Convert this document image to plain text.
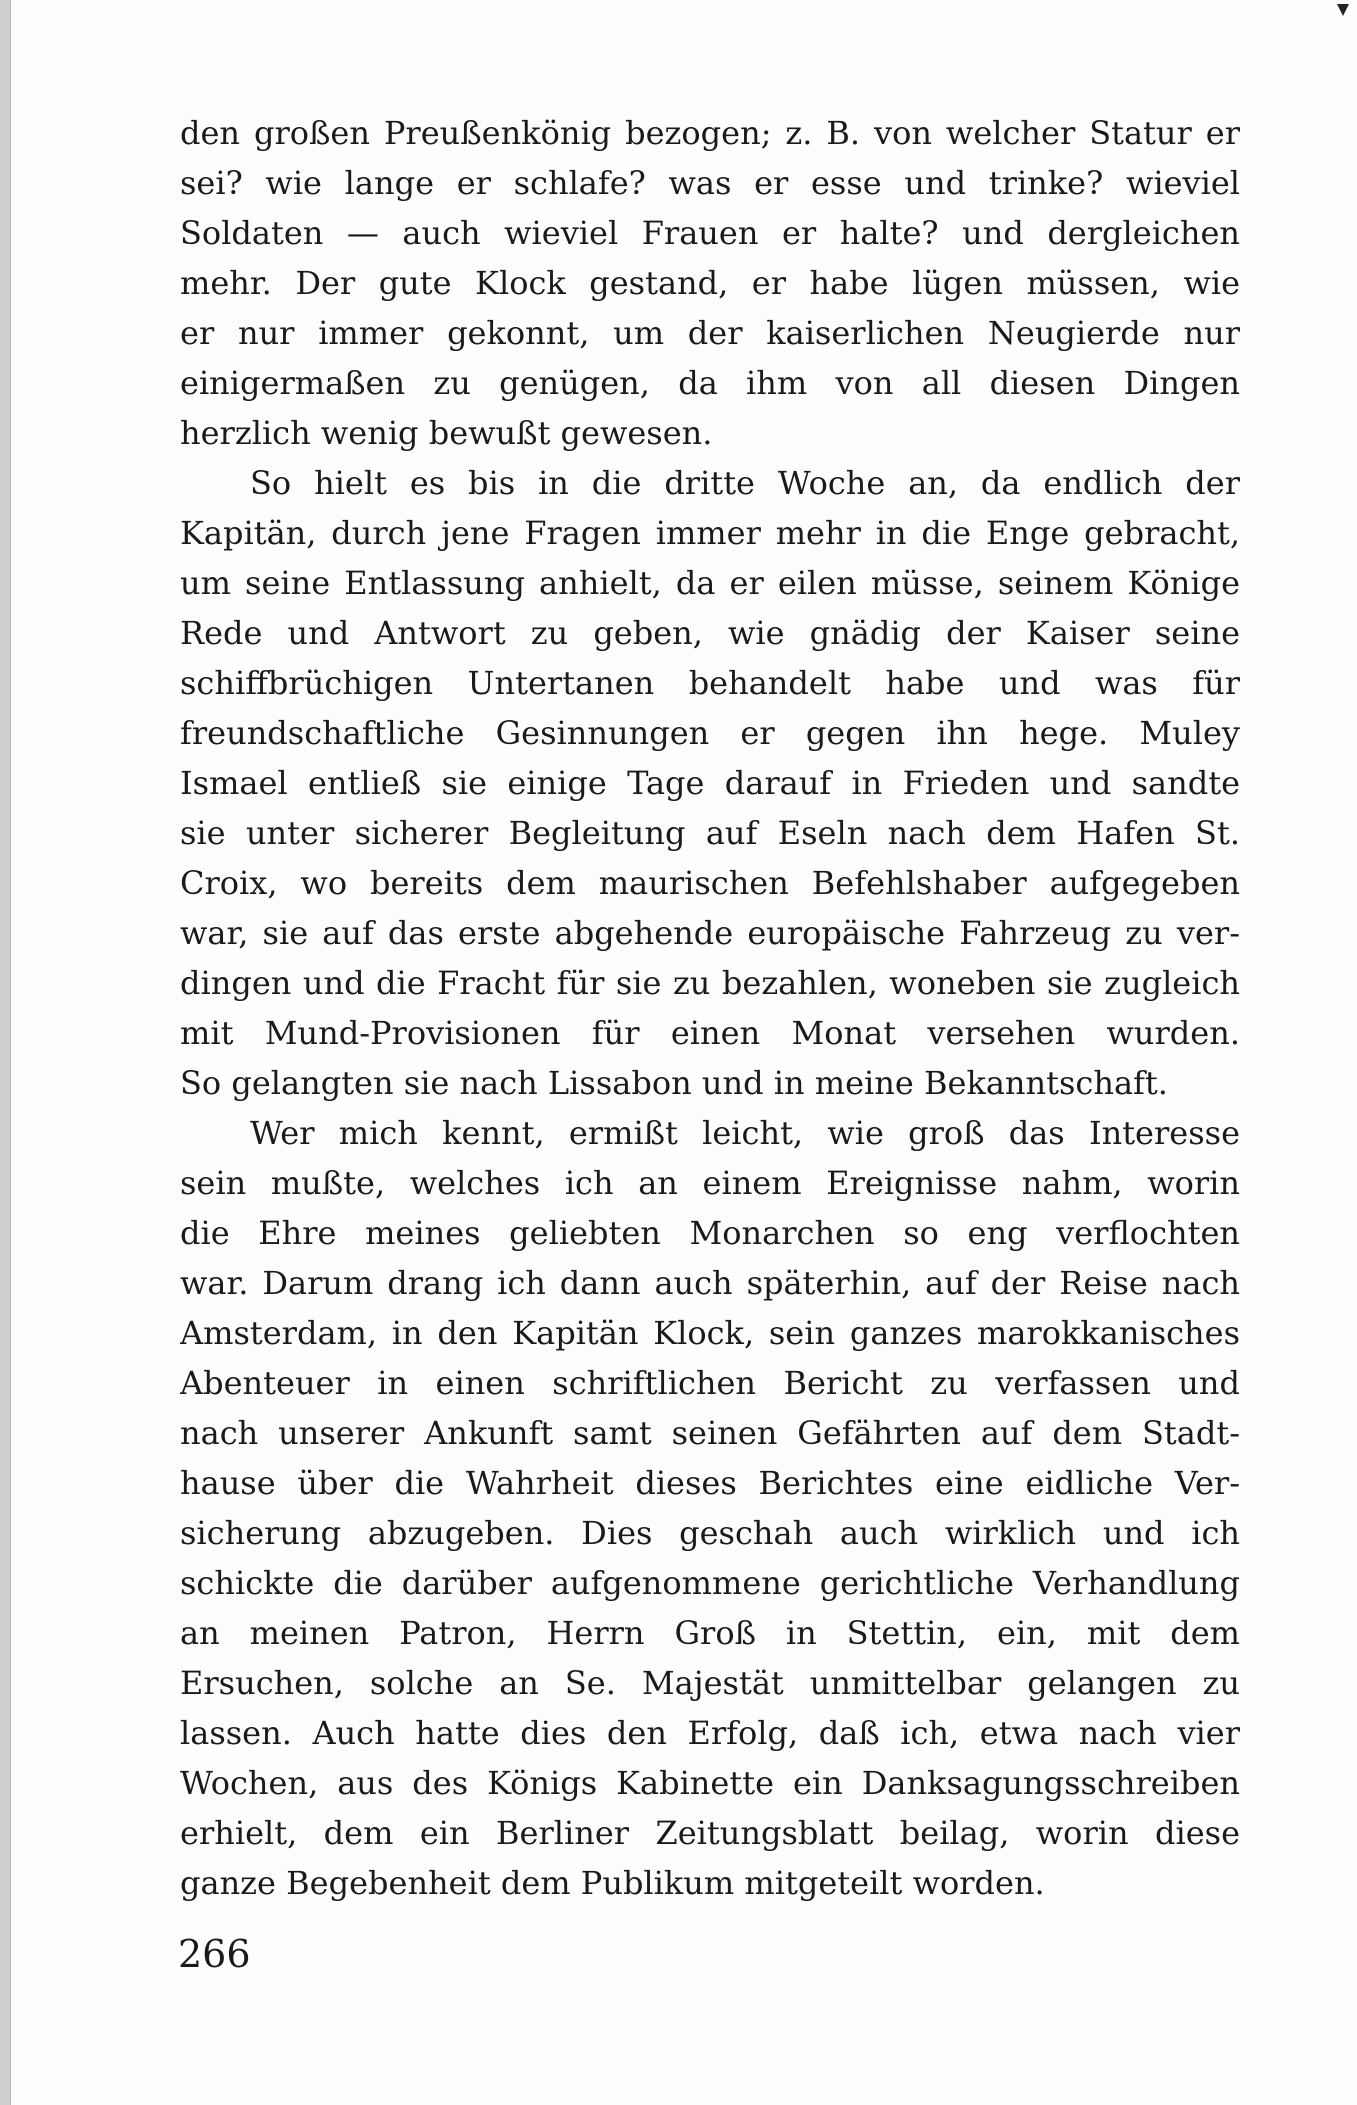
den großen Preußenkönig bezogen; z. B. von welcher Statur er
sei? wie lange er schlafe? was er esse und trinke? wieviel
Soldaten — auch wieviel Frauen er halte? und dergleichen
mehr. Der gute Klock gestand, er habe lügen müssen, wie
er nur immer gekonnt, um der kaiserlichen Neugierde nur
einigermaßen zu genügen, da ihm von all diesen Dingen
herzlich wenig bewußt gewesen.
So hielt es bis in die dritte Woche an, da endlich der
Kapitän, durch jene Fragen immer mehr in die Enge gebracht,
um seine Entlassung anhielt, da er eilen müsse, seinem Könige
Rede und Antwort zu geben, wie gnädig der Kaiser seine
schiffbrüchigen Untertanen behandelt habe und was für
freundschaftliche Gesinnungen er gegen ihn hege. Muley
Ismael entließ sie einige Tage darauf in Frieden und sandte
sie unter sicherer Begleitung auf Eseln nach dem Hafen St.
Croix, wo bereits dem maurischen Befehlshaber aufgegeben
war, sie auf das erste abgehende europäische Fahrzeug zu ver-
dingen und die Fracht für sie zu bezahlen, woneben sie zugleich
mit Mund-Provisionen für einen Monat versehen wurden.
So gelangten sie nach Lissabon und in meine Bekanntschaft.
Wer mich kennt, ermißt leicht, wie groß das Interesse
sein mußte, welches ich an einem Ereignisse nahm, worin
die Ehre meines geliebten Monarchen so eng verflochten
war. Darum drang ich dann auch späterhin, auf der Reise nach
Amsterdam, in den Kapitän Klock, sein ganzes marokkanisches
Abenteuer in einen schriftlichen Bericht zu verfassen und
nach unserer Ankunft samt seinen Gefährten auf dem Stadt-
hause über die Wahrheit dieses Berichtes eine eidliche Ver-
sicherung abzugeben. Dies geschah auch wirklich und ich
schickte die darüber aufgenommene gerichtliche Verhandlung
an meinen Patron, Herrn Groß in Stettin, ein, mit dem
Ersuchen, solche an Se. Majestät unmittelbar gelangen zu
lassen. Auch hatte dies den Erfolg, daß ich, etwa nach vier
Wochen, aus des Königs Kabinette ein Danksagungsschreiben
erhielt, dem ein Berliner Zeitungsblatt beilag, worin diese
ganze Begebenheit dem Publikum mitgeteilt worden.
266
